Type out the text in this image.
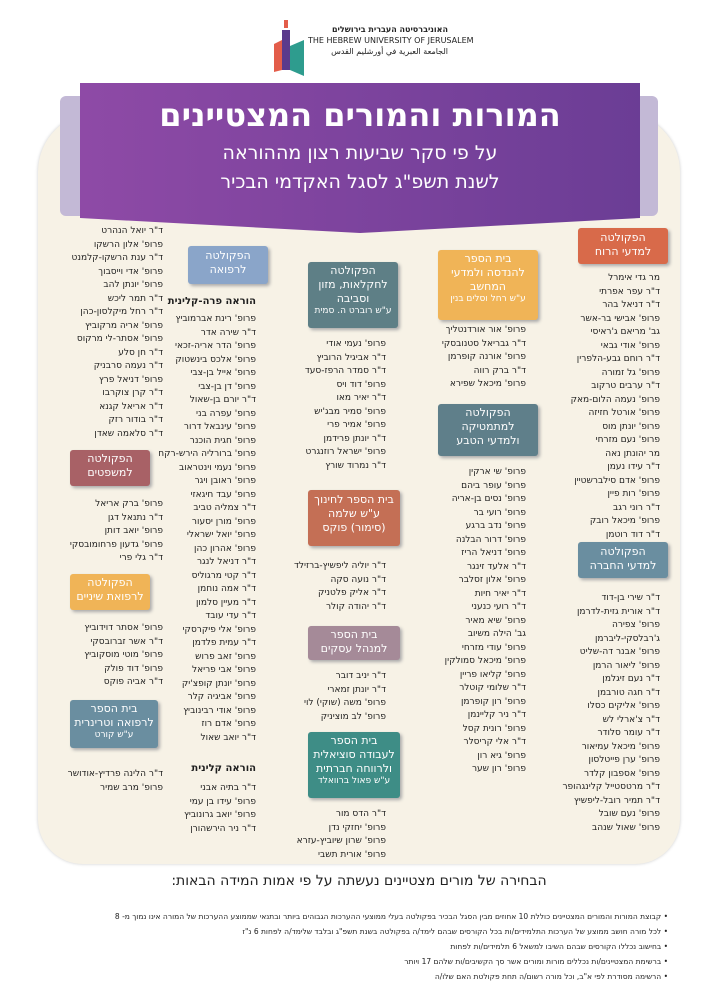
האוניברסיטה העברית בירושלים
THE HEBREW UNIVERSITY OF JERUSALEM
الجامعة العبرية في أورشليم القدس
המורות והמורים המצטיינים
על פי סקר שביעות רצון מההוראה
לשנת תשפ"ג לסגל האקדמי הבכיר
הפקולטה
למדעי הרוח
מר גדי אימרל
ד"ר עפר אפרתי
ד"ר דניאל בהר
פרופ' אבישי בר-אשר
גב' מריאם ג'ראיסי
פרופ' אודי גבאי
ד"ר רוחם גבע-הלפרין
פרופ' גל זמורה
ד"ר ערבים טרקוב
פרופ' נעמה הלום-מאק
פרופ' אורטל חזיזה
פרופ' יונתן מוס
פרופ' נעם מזרחי
מר יהונתן נאה
ד"ר עידו נעמן
פרופ' אדם סילברשטיין
פרופ' רות פיין
ד"ר רוני רגב
פרופ' מיכאל רובק
ד"ר דוד רוטמן
הפקולטה
למדעי החברה
ד"ר שירי בן-דוד
ד"ר אורית גזית-לדרמן
פרופ' צפירה
ג'רבלסקי-ליברמן
פרופ' אבנר דה-שליט
פרופ' ליאור הרמן
ד"ר נעם זיגלמן
ד"ר חגה טורבמן
פרופ' אליקים כסלו
ד"ר צ'ארלי לש
ד"ר עומר סלודר
פרופ' מיכאל עמיאור
פרופ' ערן פייטלסון
פרופ' אספבון קלדר
ד"ר מרטסטייל קלינגהופר
ד"ר תמיר רובל-ליפשיץ
פרופ' נעם שובל
פרופ' שאול שנהב
בית הספר
להנדסה ולמדעי
המחשב
ע"ש רחל וסלים בנין
פרופ' אור אורדנטליך
ד"ר גבריאל סטנובסקי
פרופ' אורנה קופרמן
ד"ר ברק רווה
פרופ' מיכאל שפירא
הפקולטה
למתמטיקה
ולמדעי הטבע
פרופ' שי ארקין
פרופ' עופר ביהם
פרופ' נסים בן-אריה
פרופ' רועי בר
פרופ' נדב ברגע
פרופ' דרור הבלנה
פרופ' דניאל הריז
ד"ר אלעד זינגר
פרופ' אלון זסלבר
ד"ר יאיר חיות
ד"ר רועי כנעני
פרופ' שיא מאיר
גב' הילה משיוב
פרופ' עודי מזרחי
פרופ' מיכאל סמולקין
פרופ' קליאו פריין
ד"ר שלומי קוטלר
פרופ' רון קופרמן
ד"ר ניר קליינמן
פרופ' רונית קסל
ד"ר אלי קריסלר
פרופ' גיא רון
פרופ' רון שער
הפקולטה
לחקלאות, מזון
וסביבה
ע"ש רוברט ה. סמית
פרופ' נעמי אודי
ד"ר אביגיל הרוביץ
ד"ר סמדר הרפז-סעד
פרופ' דוד ויס
ד"ר יאיר מאו
פרופ' סמיר מבג'יש
פרופ' אמיר פרי
ד"ר יונתן פרידמן
פרופ' ישראל רוזנגרט
ד"ר נמרוד שורץ
בית הספר לחינוך
ע"ש שלמה
(סימור) פוקס
ד"ר יוליה ליפשיץ-ברזילד
ד"ר נועה סקה
ד"ר אליק פלטניק
ד"ר יהודה קולר
בית הספר
למנהל עסקים
ד"ר יניב דובר
ד"ר יונתן זמארי
פרופ' משה (שוקי) לוי
פרופ' לב מוציניק
בית הספר
לעבודה סוציאלית
ולרווחה חברתית
ע"ש פאול ברוואלד
ד"ר הדס מור
פרופ' יחזקי נדן
פרופ' שרון שיוביץ-עזרא
פרופ' אורית תשבי
הפקולטה
לרפואה
הוראה פרה-קלינית
פרופ' רינת אברמוביץ
ד"ר שירה אדר
פרופ' הדר אריה-זכאי
פרופ' אלכס בינשטוק
פרופ' אייל בן-צבי
פרופ' דן בן-צבי
ד"ר יורם בן-שאול
פרופ' עפרה בני
פרופ' עינבאל דרור
פרופ' חגית הוכנר
פרופ' ברורליה הירש-רקח
פרופ' נעמי וינטראוב
פרופ' ראובן ויגר
פרופ' עבד חיגאזי
ד"ר צמליה טביב
פרופ' מורן יסעור
פרופ' יואל ישראלי
פרופ' אהרון כהן
ד"ר דניאל לנגר
ד"ר קטי מרגוליס
ד"ר אמה נוחמן
ד"ר מעיין סלמון
ד"ר עדי עובד
פרופ' אלי פיקרסקי
ד"ר עמית פלדמן
פרופ' זאב פרוש
פרופ' אבי פריאל
פרופ' יונתן קופצ'יק
פרופ' אביגיה קלר
פרופ' אודי רבינוביץ
פרופ' אדם רוז
ד"ר יואב שאול
הוראה קלינית
ד"ר בתיה אבני
פרופ' עידו בן עמי
פרופ' יואב גרונוביץ
ד"ר ניר הירשהורן
ד"ר יואל הנהרט
פרופ' אלון הרשקו
ד"ר ענת הרשקו-קלמנט
פרופ' אדי וייסבוך
פרופ' יונתן להב
ד"ר תמר ליכש
ד"ר רחל מיקלסון-כהן
פרופ' אריה מרקוביץ
פרופ' אסתר-לי מרקוס
ד"ר חן סלע
ד"ר נעמה סרבניק
פרופ' דניאל פרץ
ד"ר קרן צוקרבו
ד"ר אריאל קגנא
ד"ר בודור רזק
ד"ר סלאמה שאדן
הפקולטה
למשפטים
פרופ' ברק אריאל
ד"ר נתנאל דגן
פרופ' יואב דותן
פרופ' גדעון פרחומובסקי
ד"ר גלי פרי
הפקולטה
לרפואת שיניים
פרופ' אסתר דוידוביץ
ד"ר אשר זברובסקי
פרופ' מוטי מוסקוביץ
פרופ' דוד פולק
ד"ר אביה פוקס
בית הספר
לרפואה וטרינרית
ע"ש קורט
ד"ר הלינה פרדיץ-אודושר
פרופ' מרב שמיר
הבחירה של מורים מצטיינים נעשתה על פי אמות המידה הבאות:
• קבוצת המורות והמורים המצטיינים כוללת 10 אחוזים מבין הסגל הבכיר בפקולטה בעלי ממוצעי ההערכות הגבוהים ביותר ובתנאי שממוצע ההערכות של המורה אינו נמוך מ- 8
• לכל מורה חושב ממוצע של הערכות התלמידים/ות בכל הקורסים שבהם לימד/ה בפקולטה בשנת תשפ"ג ובלבד שלימד/ה לפחות 6 נ"ז
• בחישוב נכללו הקורסים שבהם השיבו למשאל 6 תלמידים/ות לפחות
• ברשימת המצטיינים/ות נכללים מורות ומורים אשר סך הקשיבים/ות שלהם 17 ויותר
• הרשימה מסודרת לפי א"ב, וכל מורה רשום/ה תחת פקולטת האם שלו/ה
